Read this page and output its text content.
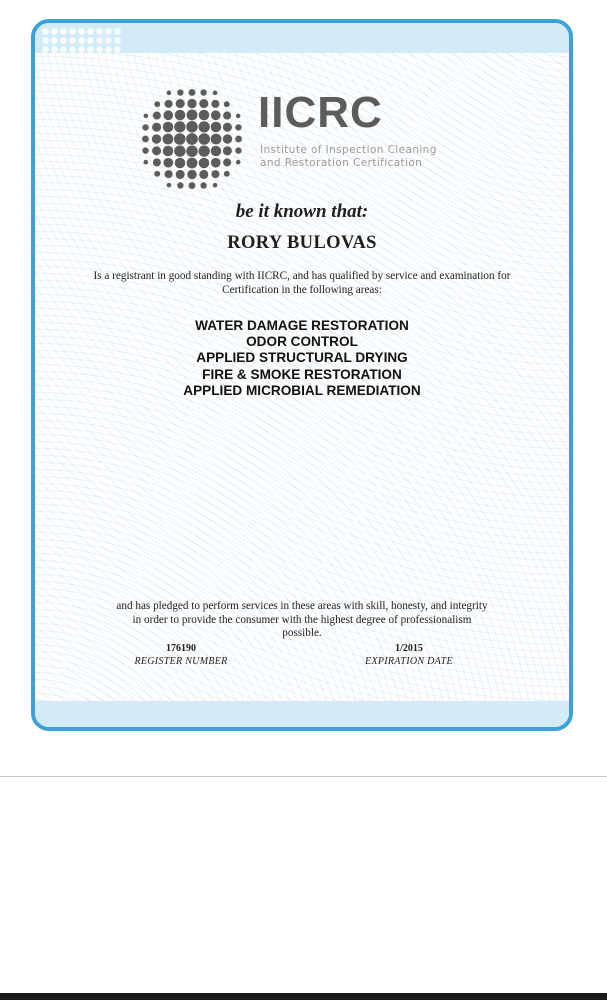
IICRC
Institute of Inspection Cleaning
and Restoration Certification
be it known that:
RORY BULOVAS
Is a registrant in good standing with IICRC, and has qualified by service and examination for Certification in the following areas:
WATER DAMAGE RESTORATION
ODOR CONTROL
APPLIED STRUCTURAL DRYING
FIRE & SMOKE RESTORATION
APPLIED MICROBIAL REMEDIATION
and has pledged to perform services in these areas with skill, honesty, and integrity in order to provide the consumer with the highest degree of professionalism possible.
176190
REGISTER NUMBER
1/2015
EXPIRATION DATE
